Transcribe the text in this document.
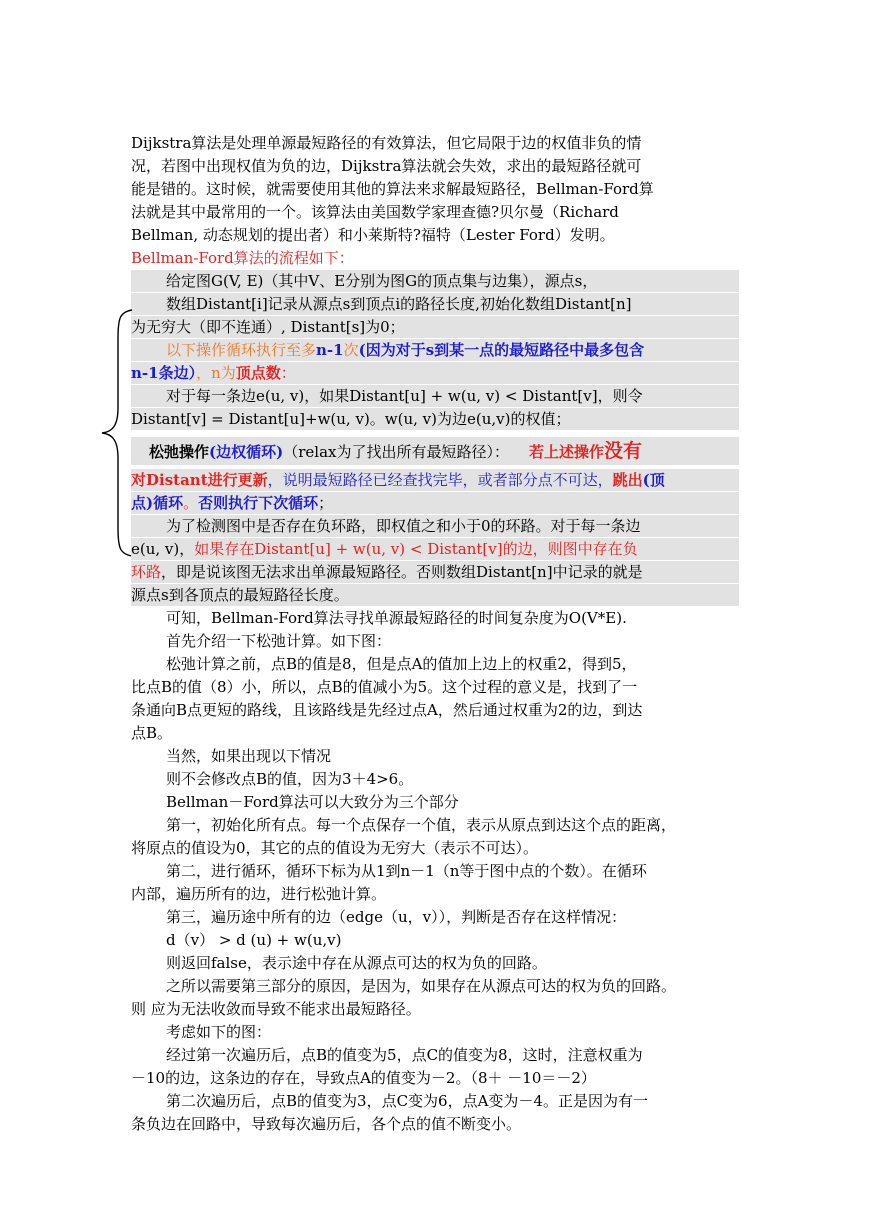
Dijkstra算法是处理单源最短路径的有效算法，但它局限于边的权值非负的情
况，若图中出现权值为负的边，Dijkstra算法就会失效，求出的最短路径就可
能是错的。这时候，就需要使用其他的算法来求解最短路径，Bellman-Ford算
法就是其中最常用的一个。该算法由美国数学家理查德?贝尔曼（Richard
Bellman, 动态规划的提出者）和小莱斯特?福特（Lester Ford）发明。
Bellman-Ford算法的流程如下：
给定图G(V, E)（其中V、E分别为图G的顶点集与边集），源点s，
数组Distant[i]记录从源点s到顶点i的路径长度,初始化数组Distant[n]
为无穷大（即不连通）, Distant[s]为0；
以下操作循环执行至多n-1次(因为对于s到某一点的最短路径中最多包含
n-1条边），n为顶点数：
对于每一条边e(u, v)，如果Distant[u] + w(u, v) < Distant[v]，则令
Distant[v] = Distant[u]+w(u, v)。w(u, v)为边e(u,v)的权值；
松弛操作(边权循环)（relax为了找出所有最短路径）： 若上述操作没有
对Distant进行更新，说明最短路径已经查找完毕，或者部分点不可达，跳出(顶
点)循环。否则执行下次循环；
为了检测图中是否存在负环路，即权值之和小于0的环路。对于每一条边
e(u, v)，如果存在Distant[u] + w(u, v) < Distant[v]的边，则图中存在负
环路，即是说该图无法求出单源最短路径。否则数组Distant[n]中记录的就是
源点s到各顶点的最短路径长度。
可知，Bellman-Ford算法寻找单源最短路径的时间复杂度为O(V*E).
首先介绍一下松弛计算。如下图：
松弛计算之前，点B的值是8，但是点A的值加上边上的权重2，得到5，
比点B的值（8）小，所以，点B的值减小为5。这个过程的意义是，找到了一
条通向B点更短的路线，且该路线是先经过点A，然后通过权重为2的边，到达
点B。
当然，如果出现以下情况
则不会修改点B的值，因为3＋4>6。
Bellman－Ford算法可以大致分为三个部分
第一，初始化所有点。每一个点保存一个值，表示从原点到达这个点的距离，
将原点的值设为0，其它的点的值设为无穷大（表示不可达）。
第二，进行循环，循环下标为从1到n－1（n等于图中点的个数）。在循环
内部，遍历所有的边，进行松弛计算。
第三，遍历途中所有的边（edge（u，v）），判断是否存在这样情况：
d（v） > d (u) + w(u,v)
则返回false，表示途中存在从源点可达的权为负的回路。
之所以需要第三部分的原因，是因为，如果存在从源点可达的权为负的回路。
则 应为无法收敛而导致不能求出最短路径。
考虑如下的图：
经过第一次遍历后，点B的值变为5，点C的值变为8，这时，注意权重为
－10的边，这条边的存在，导致点A的值变为－2。（8＋ －10＝－2）
第二次遍历后，点B的值变为3，点C变为6，点A变为－4。正是因为有一
条负边在回路中，导致每次遍历后，各个点的值不断变小。
